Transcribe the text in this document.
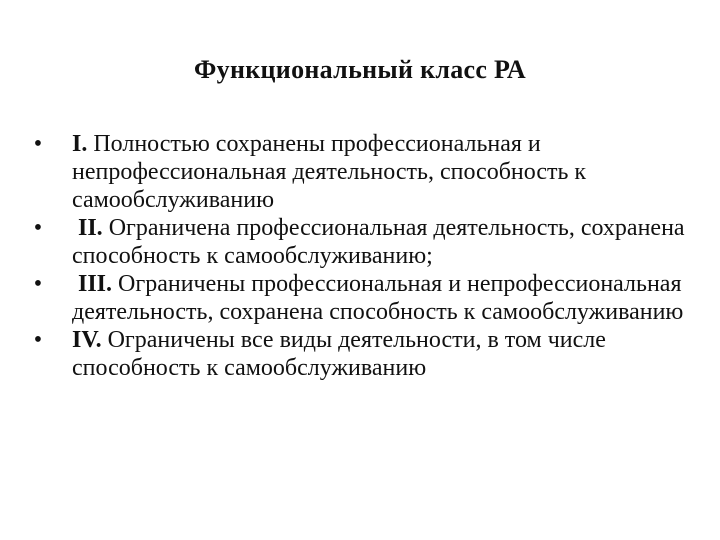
Функциональный класс РА
• I. Полностью сохранены профессиональная и непрофессиональная деятельность, способность к самообслуживанию
• II. Ограничена профессиональная деятельность, сохранена способность к самообслуживанию;
• III. Ограничены профессиональная и непрофессиональная деятельность, сохранена способность к самообслуживанию
• IV. Ограничены все виды деятельности, в том числе способность к самообслуживанию
